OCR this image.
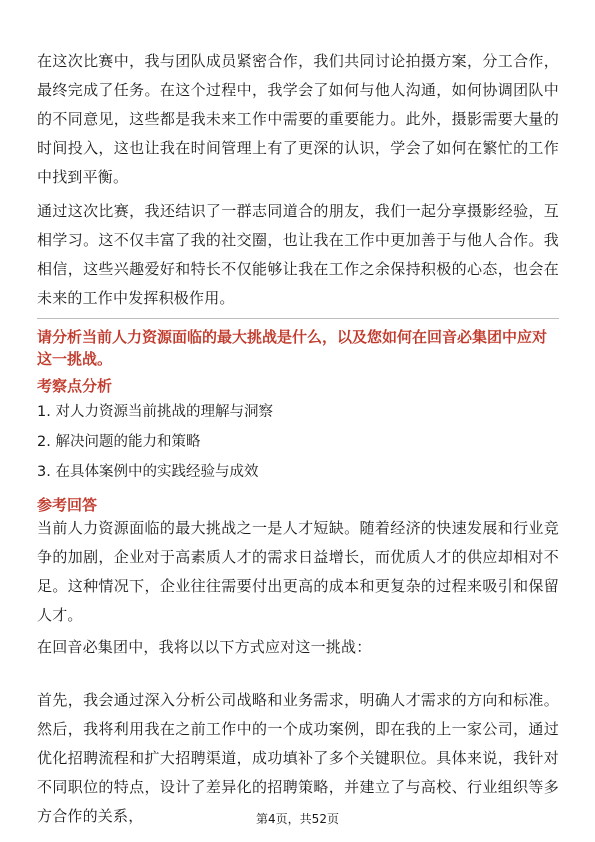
在这次比赛中，我与团队成员紧密合作，我们共同讨论拍摄方案，分工合作，最终完成了任务。在这个过程中，我学会了如何与他人沟通，如何协调团队中的不同意见，这些都是我未来工作中需要的重要能力。此外，摄影需要大量的时间投入，这也让我在时间管理上有了更深的认识，学会了如何在繁忙的工作中找到平衡。

通过这次比赛，我还结识了一群志同道合的朋友，我们一起分享摄影经验，互相学习。这不仅丰富了我的社交圈，也让我在工作中更加善于与他人合作。我相信，这些兴趣爱好和特长不仅能够让我在工作之余保持积极的心态，也会在未来的工作中发挥积极作用。

请分析当前人力资源面临的最大挑战是什么，以及您如何在回音必集团中应对这一挑战。

考察点分析

1. 对人力资源当前挑战的理解与洞察

2. 解决问题的能力和策略

3. 在具体案例中的实践经验与成效

参考回答

当前人力资源面临的最大挑战之一是人才短缺。随着经济的快速发展和行业竞争的加剧，企业对于高素质人才的需求日益增长，而优质人才的供应却相对不足。这种情况下，企业往往需要付出更高的成本和更复杂的过程来吸引和保留人才。

在回音必集团中，我将以以下方式应对这一挑战：

首先，我会通过深入分析公司战略和业务需求，明确人才需求的方向和标准。然后，我将利用我在之前工作中的一个成功案例，即在我的上一家公司，通过优化招聘流程和扩大招聘渠道，成功填补了多个关键职位。具体来说，我针对不同职位的特点，设计了差异化的招聘策略，并建立了与高校、行业组织等多方合作的关系，	第4页，共52页
